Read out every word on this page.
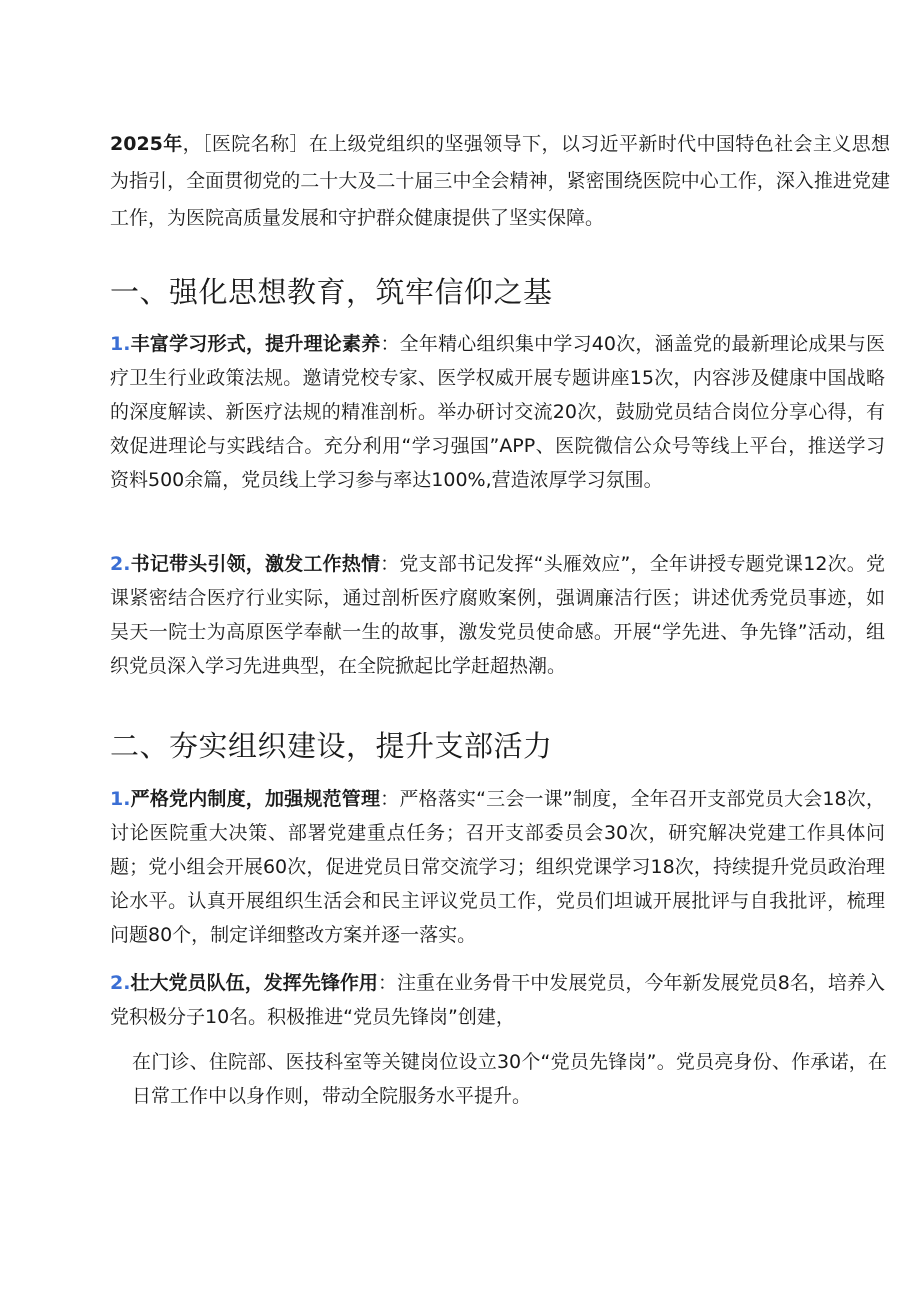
2025年，［医院名称］在上级党组织的坚强领导下，以习近平新时代中国特色社会主义思想为指引，全面贯彻党的二十大及二十届三中全会精神，紧密围绕医院中心工作，深入推进党建工作，为医院高质量发展和守护群众健康提供了坚实保障。

一、强化思想教育，筑牢信仰之基

1.丰富学习形式，提升理论素养：全年精心组织集中学习40次，涵盖党的最新理论成果与医疗卫生行业政策法规。邀请党校专家、医学权威开展专题讲座15次，内容涉及健康中国战略的深度解读、新医疗法规的精准剖析。举办研讨交流20次，鼓励党员结合岗位分享心得，有效促进理论与实践结合。充分利用“学习强国”APP、医院微信公众号等线上平台，推送学习资料500余篇，党员线上学习参与率达100%,营造浓厚学习氛围。

2.书记带头引领，激发工作热情：党支部书记发挥“头雁效应”，全年讲授专题党课12次。党课紧密结合医疗行业实际，通过剖析医疗腐败案例，强调廉洁行医；讲述优秀党员事迹，如吴天一院士为高原医学奉献一生的故事，激发党员使命感。开展“学先进、争先锋”活动，组织党员深入学习先进典型，在全院掀起比学赶超热潮。

二、夯实组织建设，提升支部活力

1.严格党内制度，加强规范管理：严格落实“三会一课”制度，全年召开支部党员大会18次，讨论医院重大决策、部署党建重点任务；召开支部委员会30次，研究解决党建工作具体问题；党小组会开展60次，促进党员日常交流学习；组织党课学习18次，持续提升党员政治理论水平。认真开展组织生活会和民主评议党员工作，党员们坦诚开展批评与自我批评，梳理问题80个，制定详细整改方案并逐一落实。

2.壮大党员队伍，发挥先锋作用：注重在业务骨干中发展党员，今年新发展党员8名，培养入党积极分子10名。积极推进“党员先锋岗”创建，

在门诊、住院部、医技科室等关键岗位设立30个“党员先锋岗”。党员亮身份、作承诺，在日常工作中以身作则，带动全院服务水平提升。
